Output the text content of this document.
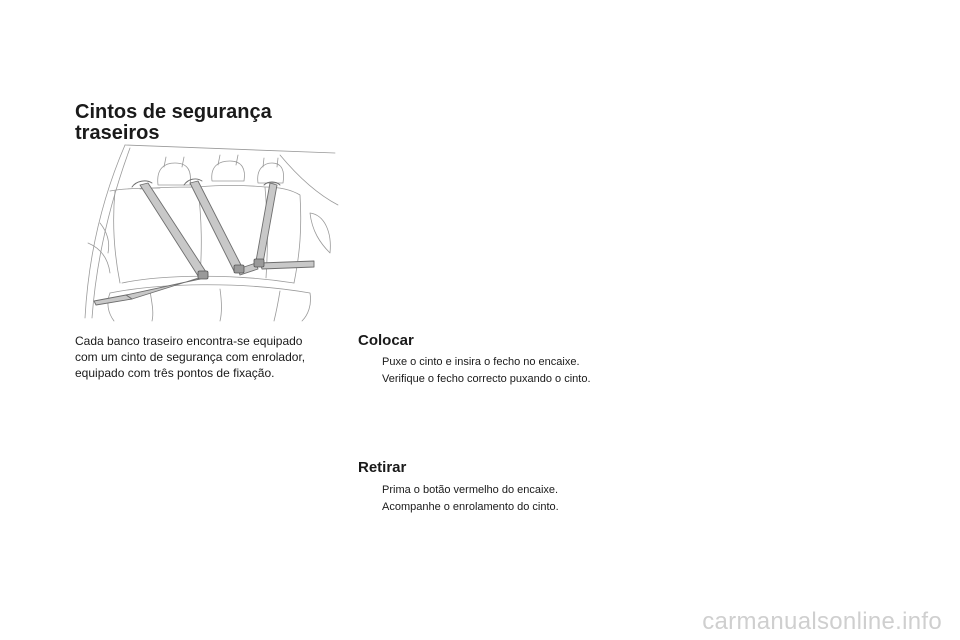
Cintos de segurança
traseiros

Cada banco traseiro encontra-se equipado
com um cinto de segurança com enrolador,
equipado com três pontos de fixação.

Colocar
Puxe o cinto e insira o fecho no encaixe.
Verifique o fecho correcto puxando o cinto.
Retirar
Prima o botão vermelho do encaixe.
Acompanhe o enrolamento do cinto.

carmanualsonline.info
